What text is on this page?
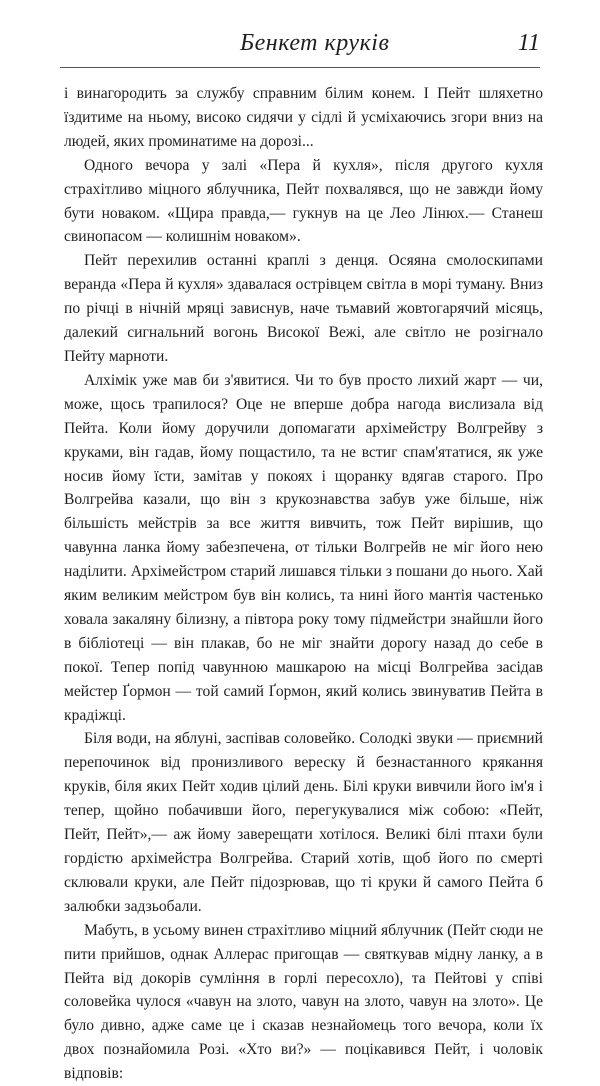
Бенкет круків	11

і винагородить за службу справним білим конем. І Пейт шляхетно їздитиме на ньому, високо сидячи у сідлі й усміхаючись згори вниз на людей, яких проминатиме на дорозі...

Одного вечора у залі «Пера й кухля», після другого кухля страхітливо міцного яблучника, Пейт похвалявся, що не завжди йому бути новаком. «Щира правда,— гукнув на це Лео Лінюх.— Станеш свинопасом — колишнім новаком».

Пейт перехилив останні краплі з денця. Осяяна смолоскипами веранда «Пера й кухля» здавалася острівцем світла в морі туману. Вниз по річці в нічній мряці зависнув, наче тьмавий жовтогарячий місяць, далекий сигнальний вогонь Високої Вежі, але світло не розігнало Пейту марноти.

Алхімік уже мав би з'явитися. Чи то був просто лихий жарт — чи, може, щось трапилося? Оце не вперше добра нагода вислизала від Пейта. Коли йому доручили допомагати архімейстру Волгрейву з круками, він гадав, йому пощастило, та не встиг спам'ятатися, як уже носив йому їсти, замітав у покоях і щоранку вдягав старого. Про Волгрейва казали, що він з крукознавства забув уже більше, ніж більшість мейстрів за все життя вивчить, тож Пейт вирішив, що чавунна ланка йому забезпечена, от тільки Волгрейв не міг його нею наділити. Архімейстром старий лишався тільки з пошани до нього. Хай яким великим мейстром був він колись, та нині його мантія частенько ховала закаляну білизну, а півтора року тому підмейстри знайшли його в бібліотеці — він плакав, бо не міг знайти дорогу назад до себе в покої. Тепер попід чавунною машкарою на місці Волгрейва засідав мейстер Ґормон — той самий Ґормон, який колись звинуватив Пейта в крадіжці.

Біля води, на яблуні, заспівав соловейко. Солодкі звуки — приємний перепочинок від пронизливого вереску й безнастанного крякання круків, біля яких Пейт ходив цілий день. Білі круки вивчили його ім'я і тепер, щойно побачивши його, перегукувалися між собою: «Пейт, Пейт, Пейт»,— аж йому заверещати хотілося. Великі білі птахи були гордістю архімейстра Волгрейва. Старий хотів, щоб його по смерті склювали круки, але Пейт підозрював, що ті круки й самого Пейта б залюбки задзьобали.

Мабуть, в усьому винен страхітливо міцний яблучник (Пейт сюди не пити прийшов, однак Аллерас пригощав — святкував мідну ланку, а в Пейта від докорів сумління в горлі пересохло), та Пейтові у співі соловейка чулося «чавун на злото, чавун на злото, чавун на злото». Це було дивно, адже саме це і сказав незнайомець того вечора, коли їх двох познайомила Розі. «Хто ви?» — поцікавився Пейт, і чоловік відповів:
